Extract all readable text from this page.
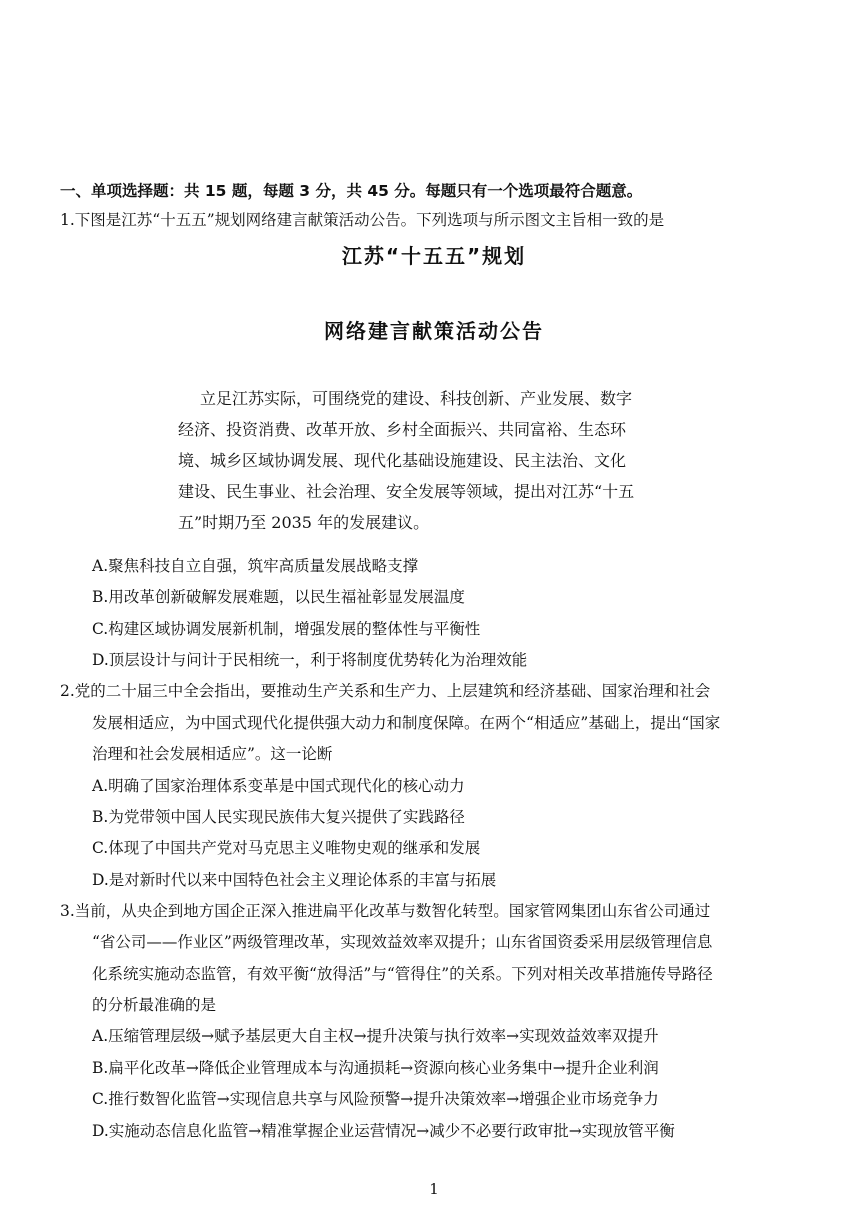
一、单项选择题：共 15 题，每题 3 分，共 45 分。每题只有一个选项最符合题意。
1.下图是江苏“十五五”规划网络建言献策活动公告。下列选项与所示图文主旨相一致的是
江苏“十五五”规划
网络建言献策活动公告
立足江苏实际，可围绕党的建设、科技创新、产业发展、数字
经济、投资消费、改革开放、乡村全面振兴、共同富裕、生态环
境、城乡区域协调发展、现代化基础设施建设、民主法治、文化
建设、民生事业、社会治理、安全发展等领域，提出对江苏“十五
五”时期乃至 2035 年的发展建议。
A.聚焦科技自立自强，筑牢高质量发展战略支撑
B.用改革创新破解发展难题，以民生福祉彰显发展温度
C.构建区域协调发展新机制，增强发展的整体性与平衡性
D.顶层设计与问计于民相统一，利于将制度优势转化为治理效能
2.党的二十届三中全会指出，要推动生产关系和生产力、上层建筑和经济基础、国家治理和社会
发展相适应，为中国式现代化提供强大动力和制度保障。在两个“相适应”基础上，提出“国家
治理和社会发展相适应”。这一论断
A.明确了国家治理体系变革是中国式现代化的核心动力
B.为党带领中国人民实现民族伟大复兴提供了实践路径
C.体现了中国共产党对马克思主义唯物史观的继承和发展
D.是对新时代以来中国特色社会主义理论体系的丰富与拓展
3.当前，从央企到地方国企正深入推进扁平化改革与数智化转型。国家管网集团山东省公司通过
“省公司——作业区”两级管理改革，实现效益效率双提升；山东省国资委采用层级管理信息
化系统实施动态监管，有效平衡“放得活”与“管得住”的关系。下列对相关改革措施传导路径
的分析最准确的是
A.压缩管理层级→赋予基层更大自主权→提升决策与执行效率→实现效益效率双提升
B.扁平化改革→降低企业管理成本与沟通损耗→资源向核心业务集中→提升企业利润
C.推行数智化监管→实现信息共享与风险预警→提升决策效率→增强企业市场竞争力
D.实施动态信息化监管→精准掌握企业运营情况→减少不必要行政审批→实现放管平衡
1
